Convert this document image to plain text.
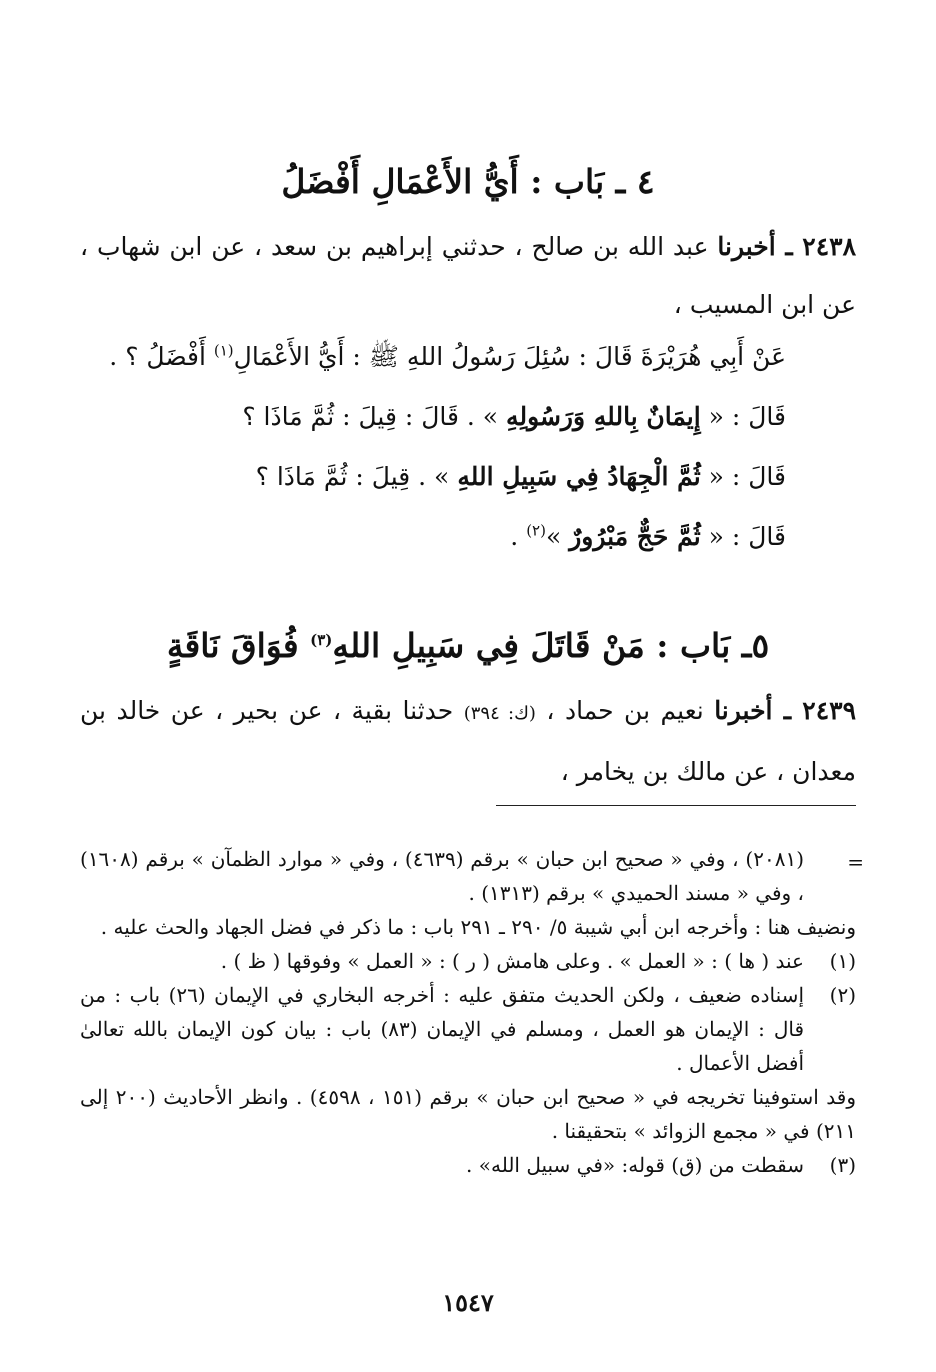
٤ ـ بَاب : أَيُّ الأَعْمَالِ أَفْضَلُ
٢٤٣٨ ـ أخبرنا عبد الله بن صالح ، حدثني إبراهيم بن سعد ، عن ابن شهاب ، عن ابن المسيب ،
عَنْ أَبِي هُرَيْرَةَ قَالَ : سُئِلَ رَسُولُ اللهِ ﷺ : أَيُّ الأَعْمَالِ$^{(١)}$ أَفْضَلُ ؟ .
قَالَ : « إِيمَانٌ بِاللهِ وَرَسُولِهِ » . قَالَ : قِيلَ : ثُمَّ مَاذَا ؟
قَالَ : « ثُمَّ الْجِهَادُ فِي سَبِيلِ اللهِ » . قِيلَ : ثُمَّ مَاذَا ؟
قَالَ : « ثُمَّ حَجٌّ مَبْرُورٌ »$^{(٢)}$ .
٥ـ بَاب : مَنْ قَاتَلَ فِي سَبِيلِ اللهِ$^{(٣)}$ فُوَاقَ نَاقَةٍ
٢٤٣٩ ـ أخبرنا نعيم بن حماد ، (ك: ٣٩٤) حدثنا بقية ، عن بحير ، عن خالد بن معدان ، عن مالك بن يخامر ،
=
(٢٠٨١) ، وفي « صحيح ابن حبان » برقم (٤٦٣٩) ، وفي « موارد الظمآن » برقم (١٦٠٨) ، وفي « مسند الحميدي » برقم (١٣١٣) .
ونضيف هنا : وأخرجه ابن أبي شيبة ٥/ ٢٩٠ ـ ٢٩١ باب : ما ذكر في فضل الجهاد والحث عليه .
(١)
عند ( ها ) : « العمل » . وعلى هامش ( ر ) : « العمل » وفوقها ( ظ ) .
(٢)
إسناده ضعيف ، ولكن الحديث متفق عليه : أخرجه البخاري في الإيمان (٢٦) باب : من قال : الإيمان هو العمل ، ومسلم في الإيمان (٨٣) باب : بيان كون الإيمان بالله تعالىٰ أفضل الأعمال .
وقد استوفينا تخريجه في « صحيح ابن حبان » برقم (١٥١ ، ٤٥٩٨) . وانظر الأحاديث (٢٠٠ إلى ٢١١) في « مجمع الزوائد » بتحقيقنا .
(٣)
سقطت من (ق) قوله: «في سبيل الله» .
١٥٤٧
